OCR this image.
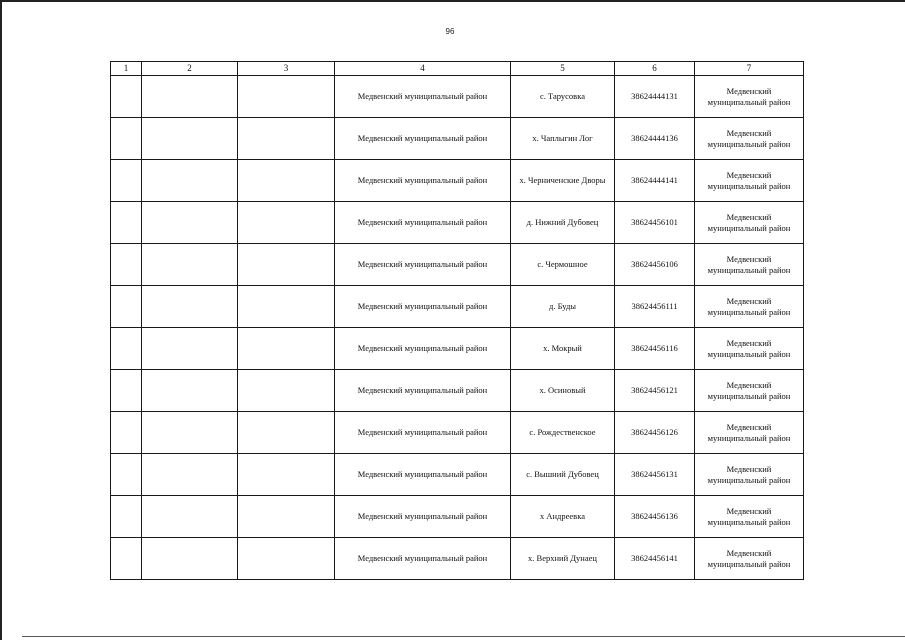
96
1	2	3	4	5	6	7
			Медвенский муниципальный район	с. Тарусовка	38624444131	Медвенский муниципальный район
			Медвенский муниципальный район	х. Чаплыгин Лог	38624444136	Медвенский муниципальный район
			Медвенский муниципальный район	х. Черниченские Дворы	38624444141	Медвенский муниципальный район
			Медвенский муниципальный район	д. Нижний Дубовец	38624456101	Медвенский муниципальный район
			Медвенский муниципальный район	с. Чермошное	38624456106	Медвенский муниципальный район
			Медвенский муниципальный район	д. Буды	38624456111	Медвенский муниципальный район
			Медвенский муниципальный район	х. Мокрый	38624456116	Медвенский муниципальный район
			Медвенский муниципальный район	х. Осиновый	38624456121	Медвенский муниципальный район
			Медвенский муниципальный район	с. Рождественское	38624456126	Медвенский муниципальный район
			Медвенский муниципальный район	с. Вышний Дубовец	38624456131	Медвенский муниципальный район
			Медвенский муниципальный район	х Андреевка	38624456136	Медвенский муниципальный район
			Медвенский муниципальный район	х. Верхний Дунаец	38624456141	Медвенский муниципальный район
